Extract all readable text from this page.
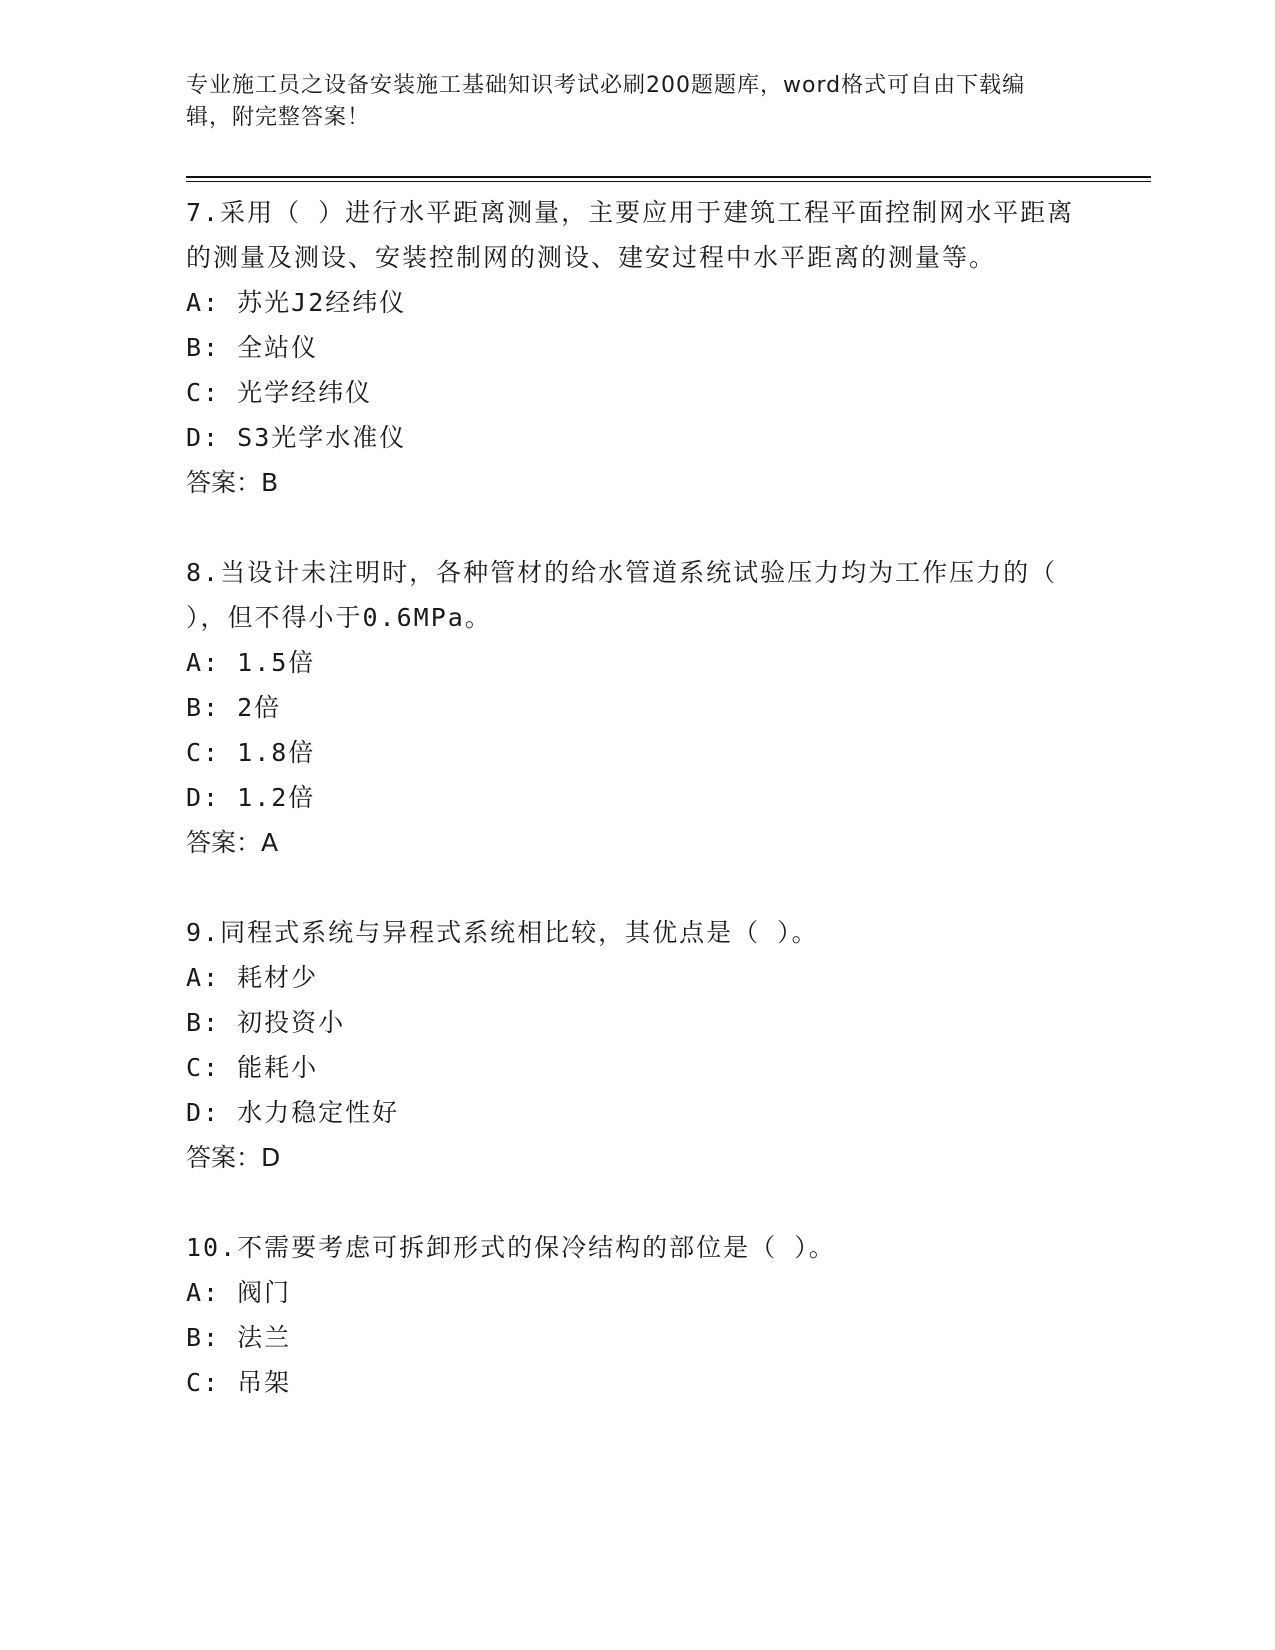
专业施工员之设备安装施工基础知识考试必刷200题题库，word格式可自由下载编辑，附完整答案！

7.采用（ ）进行水平距离测量，主要应用于建筑工程平面控制网水平距离的测量及测设、安装控制网的测设、建安过程中水平距离的测量等。

A: 苏光J2经纬仪

B: 全站仪

C: 光学经纬仪

D: S3光学水准仪

答案：B

8.当设计未注明时，各种管材的给水管道系统试验压力均为工作压力的（ ），但不得小于0.6MPa。

A: 1.5倍

B: 2倍

C: 1.8倍

D: 1.2倍

答案：A

9.同程式系统与异程式系统相比较，其优点是（ ）。

A: 耗材少

B: 初投资小

C: 能耗小

D: 水力稳定性好

答案：D

10.不需要考虑可拆卸形式的保冷结构的部位是（ ）。

A: 阀门

B: 法兰

C: 吊架
